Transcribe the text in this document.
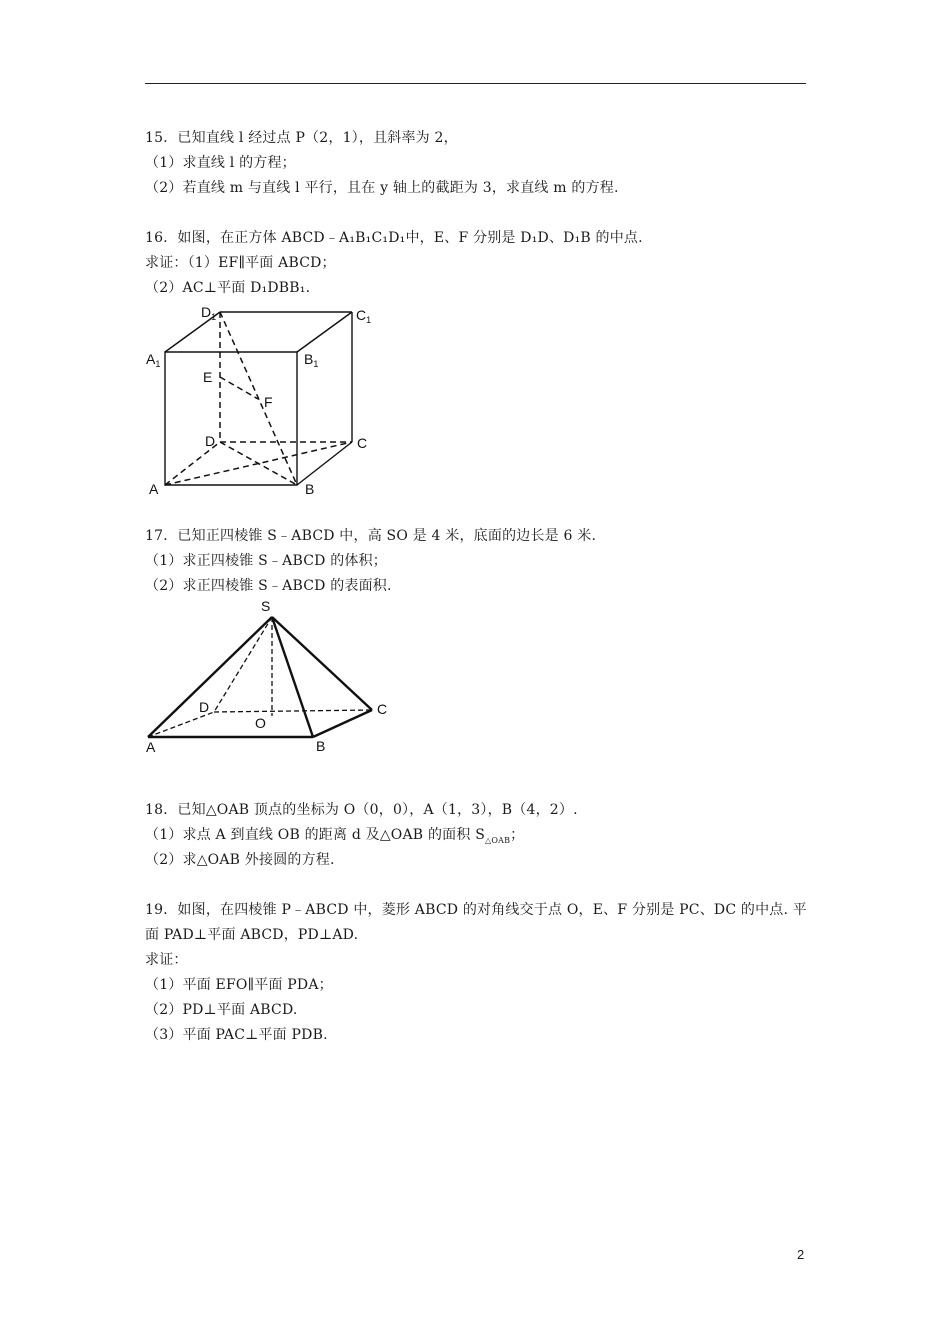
15．已知直线 l 经过点 P（2，1），且斜率为 2，
（1）求直线 l 的方程；
（2）若直线 m 与直线 l 平行，且在 y 轴上的截距为 3，求直线 m 的方程.
16．如图，在正方体 ABCD﹣A₁B₁C₁D₁中，E、F 分别是 D₁D、D₁B 的中点.
求证：（1）EF∥平面 ABCD；
（2）AC⊥平面 D₁DBB₁.
$D_1$	$C_1$
$A_1$	$B_1$
E
F
D	C
A	B
17．已知正四棱锥 S﹣ABCD 中，高 SO 是 4 米，底面的边长是 6 米.
（1）求正四棱锥 S﹣ABCD 的体积；
（2）求正四棱锥 S﹣ABCD 的表面积.
S
D
O
C
A	B
18．已知△OAB 顶点的坐标为 O（0，0），A（1，3），B（4，2）.
（1）求点 A 到直线 OB 的距离 d 及△OAB 的面积 $S_{\triangle OAB}$；
（2）求△OAB 外接圆的方程.
19．如图，在四棱锥 P﹣ABCD 中，菱形 ABCD 的对角线交于点 O，E、F 分别是 PC、DC 的中点. 平
面 PAD⊥平面 ABCD，PD⊥AD.
求证：
（1）平面 EFO∥平面 PDA；
（2）PD⊥平面 ABCD.
（3）平面 PAC⊥平面 PDB.
2
